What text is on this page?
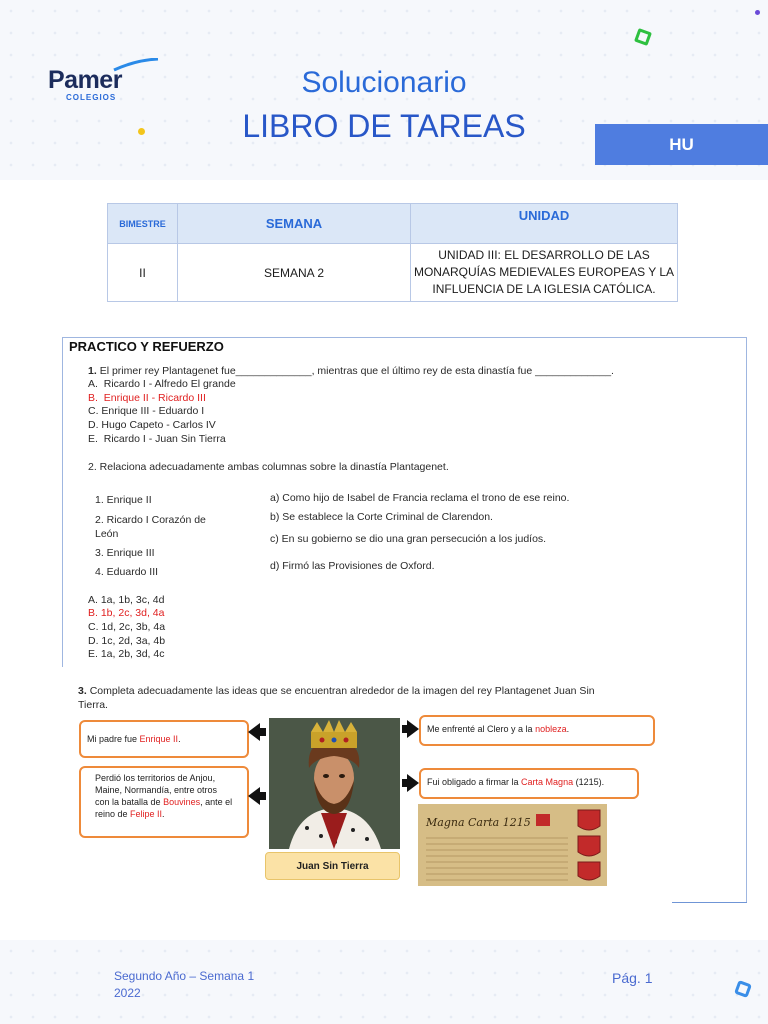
Pamer
COLEGIOS	Solucionario
LIBRO DE TAREAS	HU
BIMESTRE	SEMANA	UNIDAD
II	SEMANA 2	UNIDAD III: EL DESARROLLO DE LAS
MONARQUÍAS MEDIEVALES EUROPEAS Y LA
INFLUENCIA DE LA IGLESIA CATÓLICA.
PRACTICO Y REFUERZO
1. El primer rey Plantagenet fue_____________, mientras que el último rey de esta dinastía fue _____________.
A. Ricardo I - Alfredo El grande
B. Enrique II - Ricardo III
C. Enrique III - Eduardo I
D. Hugo Capeto - Carlos IV
E. Ricardo I - Juan Sin Tierra
2. Relaciona adecuadamente ambas columnas sobre la dinastía Plantagenet.
1. Enrique II
2. Ricardo I Corazón de
León
3. Enrique III
4. Eduardo III
a) Como hijo de Isabel de Francia reclama el trono de ese reino.
b) Se establece la Corte Criminal de Clarendon.
c) En su gobierno se dio una gran persecución a los judíos.
d) Firmó las Provisiones de Oxford.
A. 1a, 1b, 3c, 4d
B. 1b, 2c, 3d, 4a
C. 1d, 2c, 3b, 4a
D. 1c, 2d, 3a, 4b
E. 1a, 2b, 3d, 4c
3. Completa adecuadamente las ideas que se encuentran alrededor de la imagen del rey Plantagenet Juan Sin
Tierra.
Mi padre fue Enrique II.
Perdió los territorios de Anjou,
Maine, Normandía, entre otros
con la batalla de Bouvines, ante el
reino de Felipe II.
Me enfrenté al Clero y a la nobleza.
Fui obligado a firmar la Carta Magna (1215).
Juan Sin Tierra
Magna Carta 1215
Segundo Año – Semana 1
2022
Pág. 1
